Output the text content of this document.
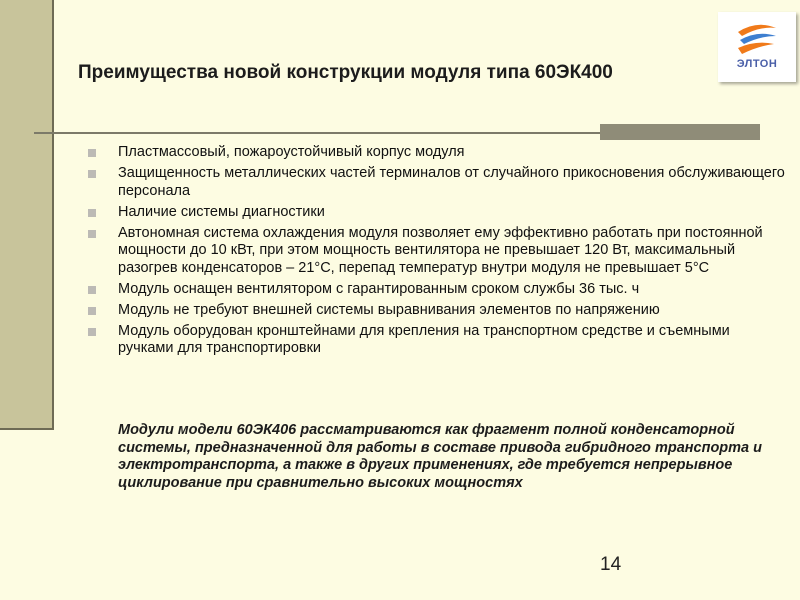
ЭЛТОН
Преимущества новой конструкции модуля типа 60ЭК400
Пластмассовый, пожароустойчивый корпус модуля
Защищенность металлических частей терминалов от случайного прикосновения обслуживающего персонала
Наличие системы диагностики
Автономная система охлаждения модуля позволяет ему эффективно работать при постоянной мощности до 10 кВт, при этом мощность вентилятора не превышает 120 Вт, максимальный разогрев конденсаторов – 21°С, перепад температур внутри модуля не превышает 5°С
Модуль оснащен вентилятором с гарантированным сроком службы 36 тыс. ч
Модуль не требуют внешней системы выравнивания элементов по напряжению
Модуль оборудован кронштейнами для крепления на транспортном средстве и съемными ручками для транспортировки

Модули модели 60ЭК406 рассматриваются как фрагмент полной конденсаторной системы, предназначенной для работы в составе привода гибридного транспорта и электротранспорта, а также в других применениях, где требуется непрерывное циклирование при сравнительно высоких мощностях

14
